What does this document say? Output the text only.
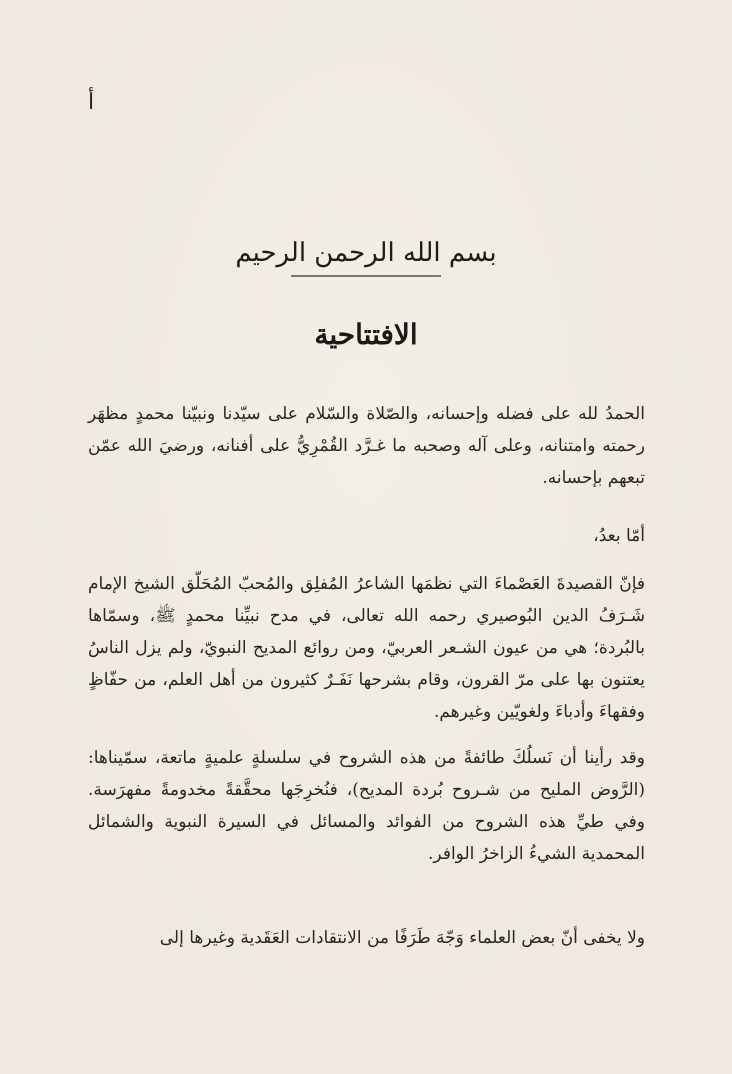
أ
بسم الله الرحمن الرحيم
الافتتاحية
الحمدُ لله على فضله وإحسانه، والصّلاة والسّلام على سيّدنا ونبيّنا محمدٍ مظهَر رحمته وامتنانه، وعلى آله وصحبه ما غـرَّد القُمْرِيُّ على أفنانه، ورضيَ الله عمّن تبعهم بإحسانه.
أمّا بعدُ،
فإنّ القصيدةَ العَصْماءَ التي نظمَها الشاعرُ المُفلِق والمُحبّ المُحَلّق الشيخ الإمام شَـرَفُ الدين البُوصيري رحمه الله تعالى، في مدح نبيِّنا محمدٍ ﷺ، وسمّاها بالبُردة؛ هي من عيون الشـعر العربيّ، ومن روائع المديح النبويّ، ولم يزل الناسُ يعتنون بها على مرّ القرون، وقام بشرحها نَفَـرٌ كثيرون من أهل العلم، من حفّاظٍ وفقهاءَ وأدباءَ ولغويّين وغيرهم.
وقد رأينا أن نَسلُكَ طائفةً من هذه الشروح في سلسلةٍ علميةٍ ماتعة، سمّيناها: (الرَّوض المليح من شـروح بُردة المديح)، فنُخرِجَها محقَّقةً مخدومةً مفهرَسة. وفي طيِّ هذه الشروح من الفوائد والمسائل في السيرة النبوية والشمائل المحمدية الشيءُ الزاخرُ الوافر.
ولا يخفى أنّ بعض العلماء وَجّهَ طَرَفًا من الانتقادات العَقَدية وغيرها إلى
